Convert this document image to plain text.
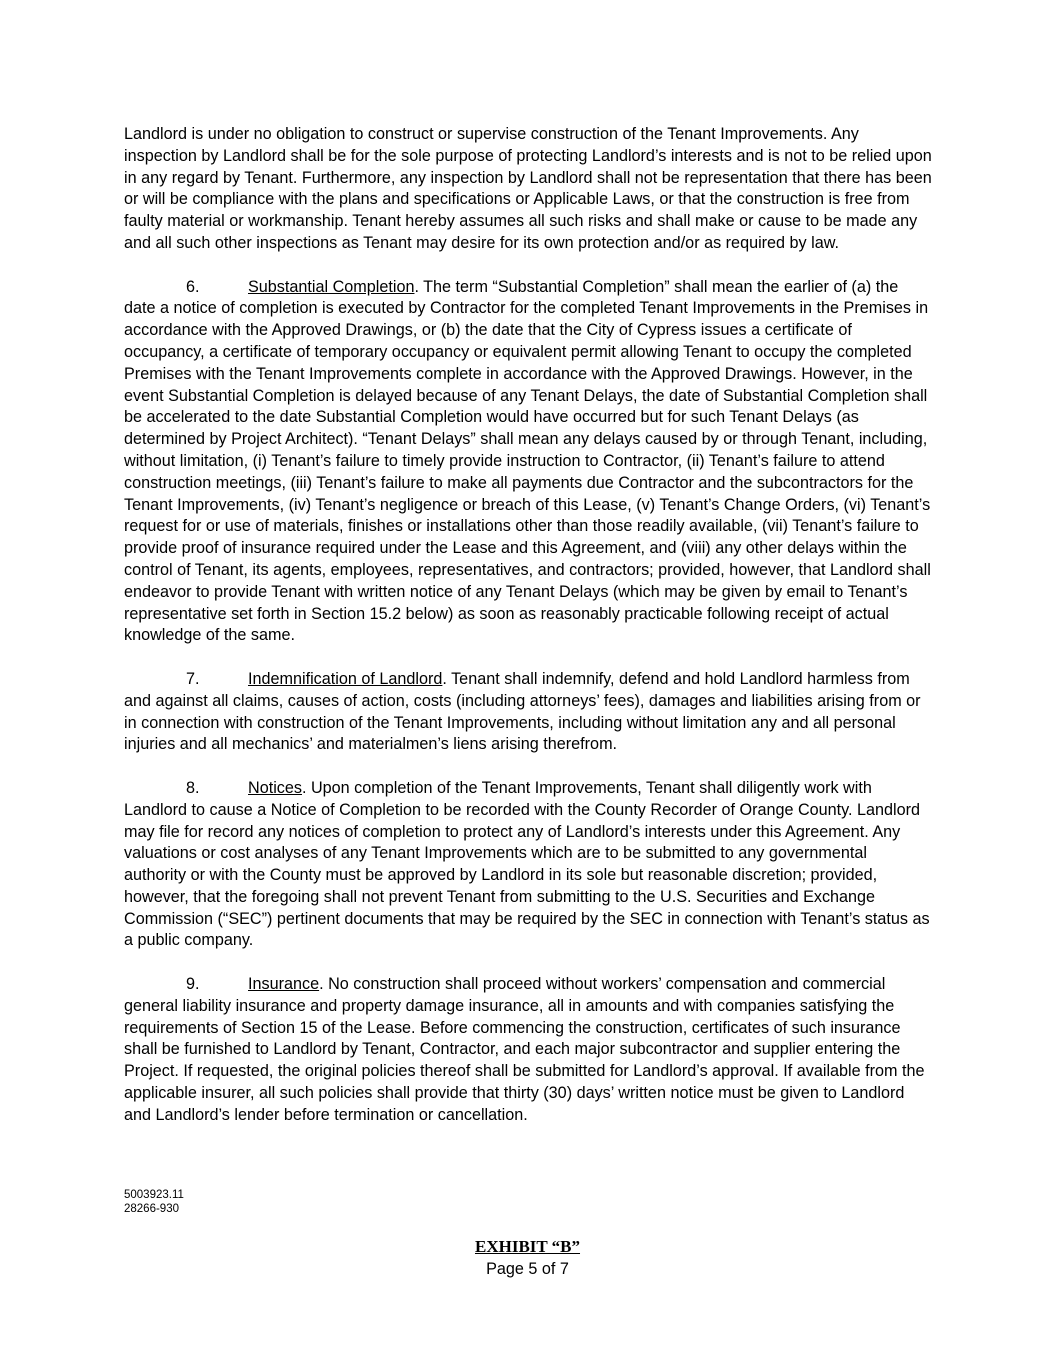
Landlord is under no obligation to construct or supervise construction of the Tenant Improvements. Any inspection by Landlord shall be for the sole purpose of protecting Landlord’s interests and is not to be relied upon in any regard by Tenant. Furthermore, any inspection by Landlord shall not be representation that there has been or will be compliance with the plans and specifications or Applicable Laws, or that the construction is free from faulty material or workmanship. Tenant hereby assumes all such risks and shall make or cause to be made any and all such other inspections as Tenant may desire for its own protection and/or as required by law.

6.	Substantial Completion. The term “Substantial Completion” shall mean the earlier of (a) the date a notice of completion is executed by Contractor for the completed Tenant Improvements in the Premises in accordance with the Approved Drawings, or (b) the date that the City of Cypress issues a certificate of occupancy, a certificate of temporary occupancy or equivalent permit allowing Tenant to occupy the completed Premises with the Tenant Improvements complete in accordance with the Approved Drawings. However, in the event Substantial Completion is delayed because of any Tenant Delays, the date of Substantial Completion shall be accelerated to the date Substantial Completion would have occurred but for such Tenant Delays (as determined by Project Architect). “Tenant Delays” shall mean any delays caused by or through Tenant, including, without limitation, (i) Tenant’s failure to timely provide instruction to Contractor, (ii) Tenant’s failure to attend construction meetings, (iii) Tenant’s failure to make all payments due Contractor and the subcontractors for the Tenant Improvements, (iv) Tenant’s negligence or breach of this Lease, (v) Tenant’s Change Orders, (vi) Tenant’s request for or use of materials, finishes or installations other than those readily available, (vii) Tenant’s failure to provide proof of insurance required under the Lease and this Agreement, and (viii) any other delays within the control of Tenant, its agents, employees, representatives, and contractors; provided, however, that Landlord shall endeavor to provide Tenant with written notice of any Tenant Delays (which may be given by email to Tenant’s representative set forth in Section 15.2 below) as soon as reasonably practicable following receipt of actual knowledge of the same.

7.	Indemnification of Landlord. Tenant shall indemnify, defend and hold Landlord harmless from and against all claims, causes of action, costs (including attorneys’ fees), damages and liabilities arising from or in connection with construction of the Tenant Improvements, including without limitation any and all personal injuries and all mechanics’ and materialmen’s liens arising therefrom.

8.	Notices. Upon completion of the Tenant Improvements, Tenant shall diligently work with Landlord to cause a Notice of Completion to be recorded with the County Recorder of Orange County. Landlord may file for record any notices of completion to protect any of Landlord’s interests under this Agreement. Any valuations or cost analyses of any Tenant Improvements which are to be submitted to any governmental authority or with the County must be approved by Landlord in its sole but reasonable discretion; provided, however, that the foregoing shall not prevent Tenant from submitting to the U.S. Securities and Exchange Commission (“SEC”) pertinent documents that may be required by the SEC in connection with Tenant’s status as a public company.

9.	Insurance. No construction shall proceed without workers’ compensation and commercial general liability insurance and property damage insurance, all in amounts and with companies satisfying the requirements of Section 15 of the Lease. Before commencing the construction, certificates of such insurance shall be furnished to Landlord by Tenant, Contractor, and each major subcontractor and supplier entering the Project. If requested, the original policies thereof shall be submitted for Landlord’s approval. If available from the applicable insurer, all such policies shall provide that thirty (30) days’ written notice must be given to Landlord and Landlord’s lender before termination or cancellation.

5003923.11
28266-930
EXHIBIT “B”
Page 5 of 7
